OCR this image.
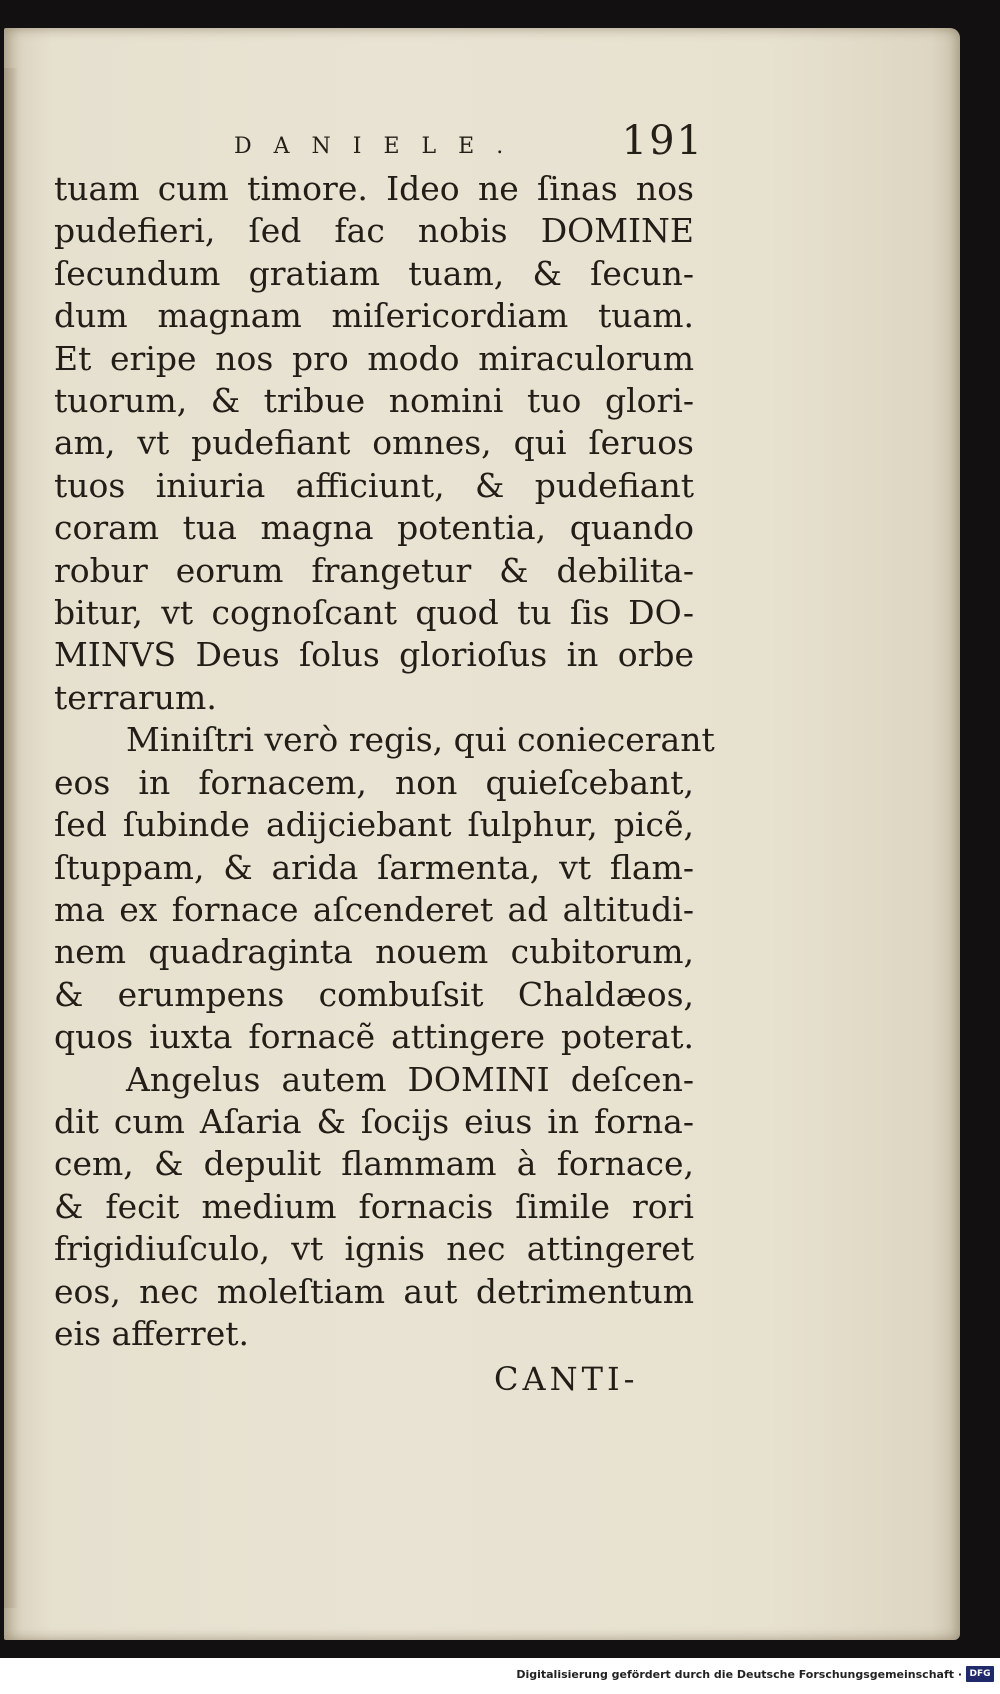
DANIELE. 191
tuam cum timore. Ideo ne ſinas nos
pudefieri, ſed fac nobis DOMINE
ſecundum gratiam tuam, & ſecun-
dum magnam miſericordiam tuam.
Et eripe nos pro modo miraculorum
tuorum, & tribue nomini tuo glori-
am, vt pudefiant omnes, qui ſeruos
tuos iniuria afficiunt, & pudefiant
coram tua magna potentia, quando
robur eorum frangetur & debilita-
bitur, vt cognoſcant quod tu ſis DO-
MINVS Deus ſolus glorioſus in orbe
terrarum.
Miniſtri verò regis, qui coniecerant
eos in fornacem, non quieſcebant,
ſed ſubinde adijciebant ſulphur, picẽ,
ſtuppam, & arida ſarmenta, vt flam-
ma ex fornace aſcenderet ad altitudi-
nem quadraginta nouem cubitorum,
& erumpens combuſsit Chaldæos,
quos iuxta fornacẽ attingere poterat.
Angelus autem DOMINI deſcen-
dit cum Aſaria & ſocijs eius in forna-
cem, & depulit flammam à fornace,
& fecit medium fornacis ſimile rori
frigidiuſculo, vt ignis nec attingeret
eos, nec moleſtiam aut detrimentum
eis afferret.
CANTI-
Digitalisierung gefördert durch die Deutsche Forschungsgemeinschaft · DFG
